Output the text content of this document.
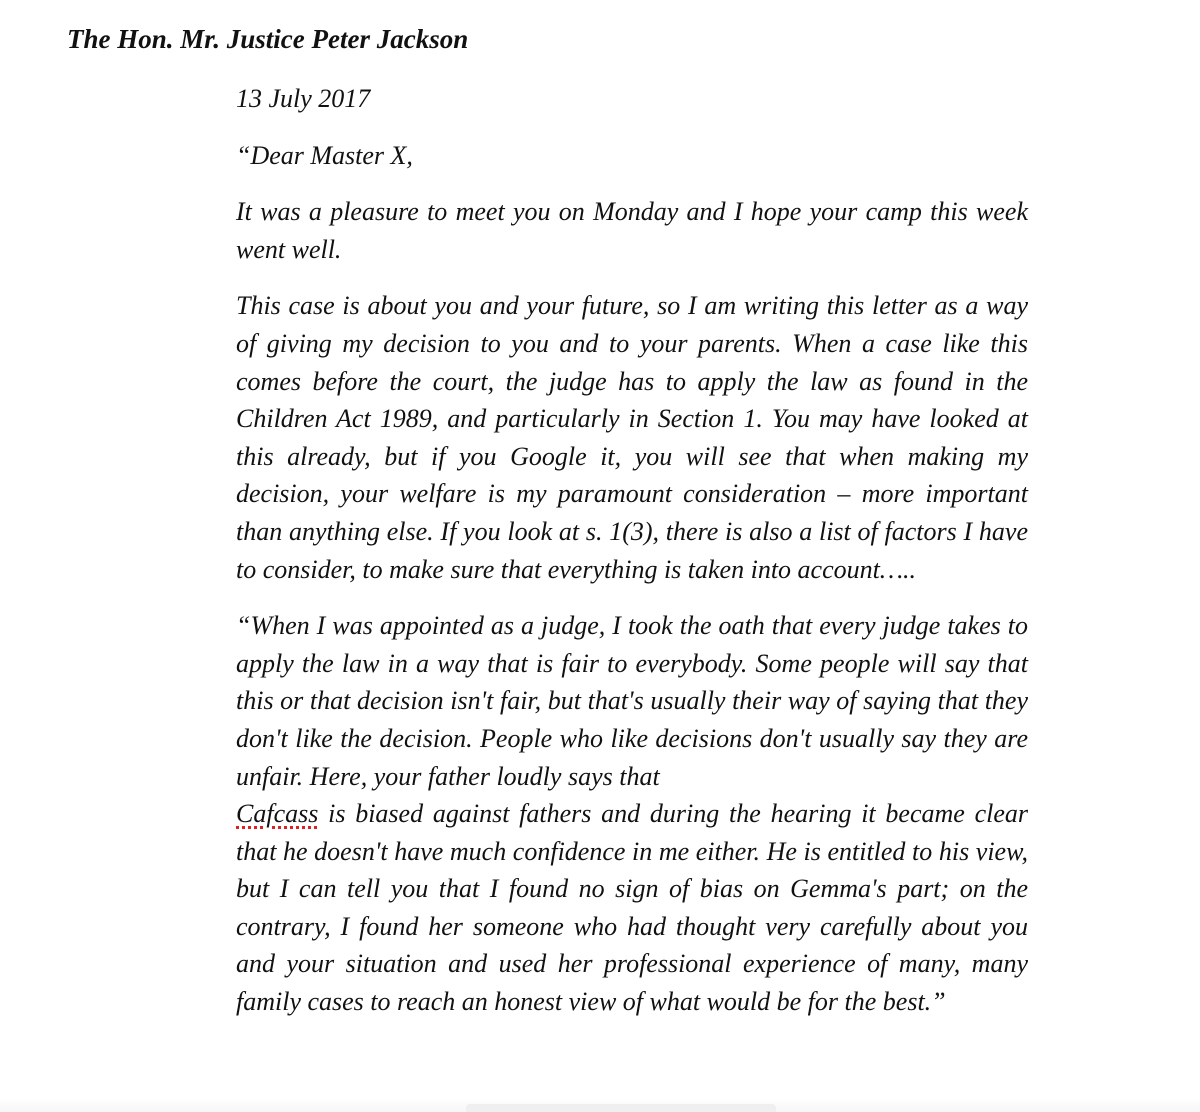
The Hon. Mr. Justice Peter Jackson

13 July 2017

“Dear Master X,

It was a pleasure to meet you on Monday and I hope your camp this week went well.

This case is about you and your future, so I am writing this letter as a way of giving my decision to you and to your parents. When a case like this comes before the court, the judge has to apply the law as found in the Children Act 1989, and particularly in Section 1. You may have looked at this already, but if you Google it, you will see that when making my decision, your welfare is my paramount consideration – more important than anything else. If you look at s. 1(3), there is also a list of factors I have to consider, to make sure that everything is taken into account…..

“When I was appointed as a judge, I took the oath that every judge takes to apply the law in a way that is fair to everybody. Some people will say that this or that decision isn't fair, but that's usually their way of saying that they don't like the decision. People who like decisions don't usually say they are unfair. Here, your father loudly says that
Cafcass is biased against fathers and during the hearing it became clear that he doesn't have much confidence in me either. He is entitled to his view, but I can tell you that I found no sign of bias on Gemma's part; on the contrary, I found her someone who had thought very carefully about you and your situation and used her professional experience of many, many family cases to reach an honest view of what would be for the best.”
